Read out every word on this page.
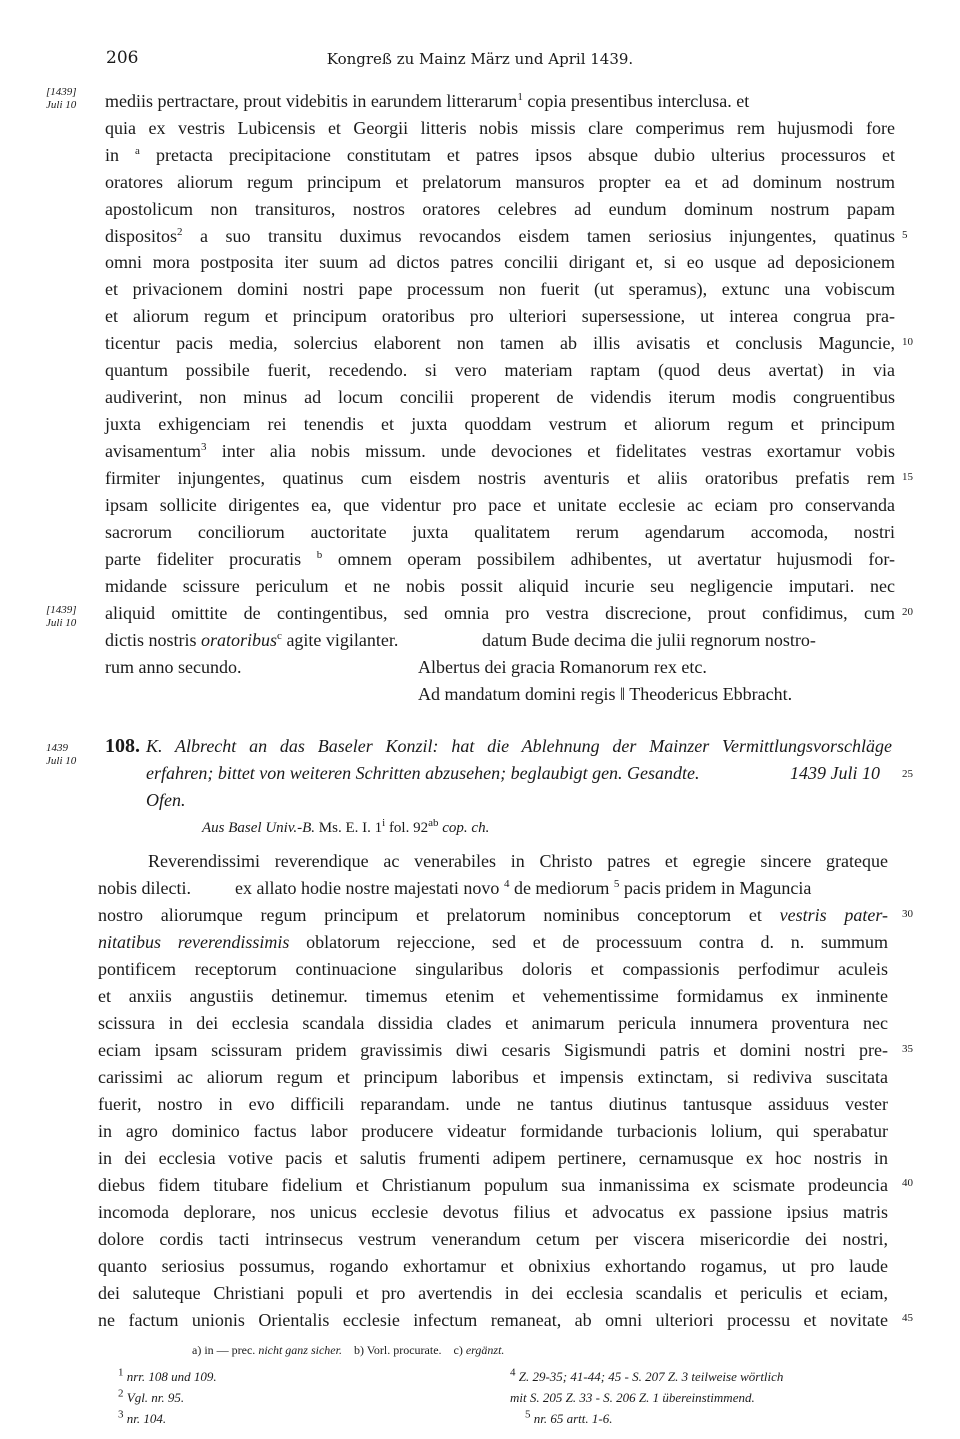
206	Kongreß zu Mainz März und April 1439.
[1439]
Juli 10
[1439]
Juli 10
mediis pertractare, prout videbitis in earundem litterarum$^1$ copia presentibus interclusa. et
quia ex vestris Lubicensis et Georgii litteris nobis missis clare comperimus rem hujusmodi fore
in $^a$ pretacta precipitacione constitutam et patres ipsos absque dubio ulterius processuros et
oratores aliorum regum principum et prelatorum mansuros propter ea et ad dominum nostrum
apostolicum non transituros, nostros oratores celebres ad eundum dominum nostrum papam
dispositos$^2$ a suo transitu duximus revocandos eisdem tamen seriosius injungentes, quatinus
omni mora postposita iter suum ad dictos patres concilii dirigant et, si eo usque ad deposicionem
et privacionem domini nostri pape processum non fuerit (ut speramus), extunc una vobiscum
et aliorum regum et principum oratoribus pro ulteriori supersessione, ut interea congrua pra-
ticentur pacis media, solercius elaborent non tamen ab illis avisatis et conclusis Maguncie,
quantum possibile fuerit, recedendo. si vero materiam raptam (quod deus avertat) in via
audiverint, non minus ad locum concilii properent de videndis iterum modis congruentibus
juxta exhigenciam rei tenendis et juxta quoddam vestrum et aliorum regum et principum
avisamentum$^3$ inter alia nobis missum. unde devociones et fidelitates vestras exortamur vobis
firmiter injungentes, quatinus cum eisdem nostris aventuris et aliis oratoribus prefatis rem
ipsam sollicite dirigentes ea, que videntur pro pace et unitate ecclesie ac eciam pro conservanda
sacrorum conciliorum auctoritate juxta qualitatem rerum agendarum accomoda, nostri
parte fideliter procuratis $^b$ omnem operam possibilem adhibentes, ut avertatur hujusmodi for-
midande scissure periculum et ne nobis possit aliquid incurie seu negligencie imputari. nec
aliquid omittite de contingentibus, sed omnia pro vestra discrecione, prout confidimus, cum
dictis nostris oratoribus$^c$ agite vigilanter.	datum Bude decima die julii regnorum nostro-
rum anno secundo.	Albertus dei gracia Romanorum rex etc.
Ad mandatum domini regis ‖ Theodericus Ebbracht.
5
10
15
20
25
30
35
40
45
1439
Juli 10
108. K. Albrecht an das Baseler Konzil: hat die Ablehnung der Mainzer Vermittlungsvorschläge
erfahren; bittet von weiteren Schritten abzusehen; beglaubigt gen. Gesandte.	1439 Juli 10
Ofen.
Aus Basel Univ.-B. Ms. E. I. 1$^i$ fol. $92^{ab}$ cop. ch.
Reverendissimi reverendique ac venerabiles in Christo patres et egregie sincere grateque
nobis dilecti. ex allato hodie nostre majestati novo $^4$ de mediorum $^5$ pacis pridem in Maguncia
nostro aliorumque regum principum et prelatorum nominibus conceptorum et vestris pater-
nitatibus reverendissimis oblatorum rejeccione, sed et de processuum contra d. n. summum
pontificem receptorum continuacione singularibus doloris et compassionis perfodimur aculeis
et anxiis angustiis detinemur. timemus etenim et vehementissime formidamus ex inminente
scissura in dei ecclesia scandala dissidia clades et animarum pericula innumera proventura nec
eciam ipsam scissuram pridem gravissimis diwi cesaris Sigismundi patris et domini nostri pre-
carissimi ac aliorum regum et principum laboribus et impensis extinctam, si rediviva suscitata
fuerit, nostro in evo difficili reparandam. unde ne tantus diutinus tantusque assiduus vester
in agro dominico factus labor producere videatur formidande turbacionis lolium, qui sperabatur
in dei ecclesia votive pacis et salutis frumenti adipem pertinere, cernamusque ex hoc nostris in
diebus fidem titubare fidelium et Christianum populum sua inmanissima ex scismate prodeuncia
incomoda deplorare, nos unicus ecclesie devotus filius et advocatus ex passione ipsius matris
dolore cordis tacti intrinsecus vestrum venerandum cetum per viscera misericordie dei nostri,
quanto seriosius possumus, rogando exhortamur et obnixius exhortando rogamus, ut pro laude
dei saluteque Christiani populi et pro avertendis in dei ecclesia scandalis et periculis et eciam,
ne factum unionis Orientalis ecclesie infectum remaneat, ab omni ulteriori processu et novitate
a) in — prec. nicht ganz sicher. b) Vorl. procurate. c) ergänzt.
$^1$ nrr. 108 und 109.
$^2$ Vgl. nr. 95.
$^3$ nr. 104.
$^4$ Z. 29-35; 41-44; 45 - S. 207 Z. 3 teilweise wörtlich
mit S. 205 Z. 33 - S. 206 Z. 1 übereinstimmend.
$^5$ nr. 65 artt. 1-6.
